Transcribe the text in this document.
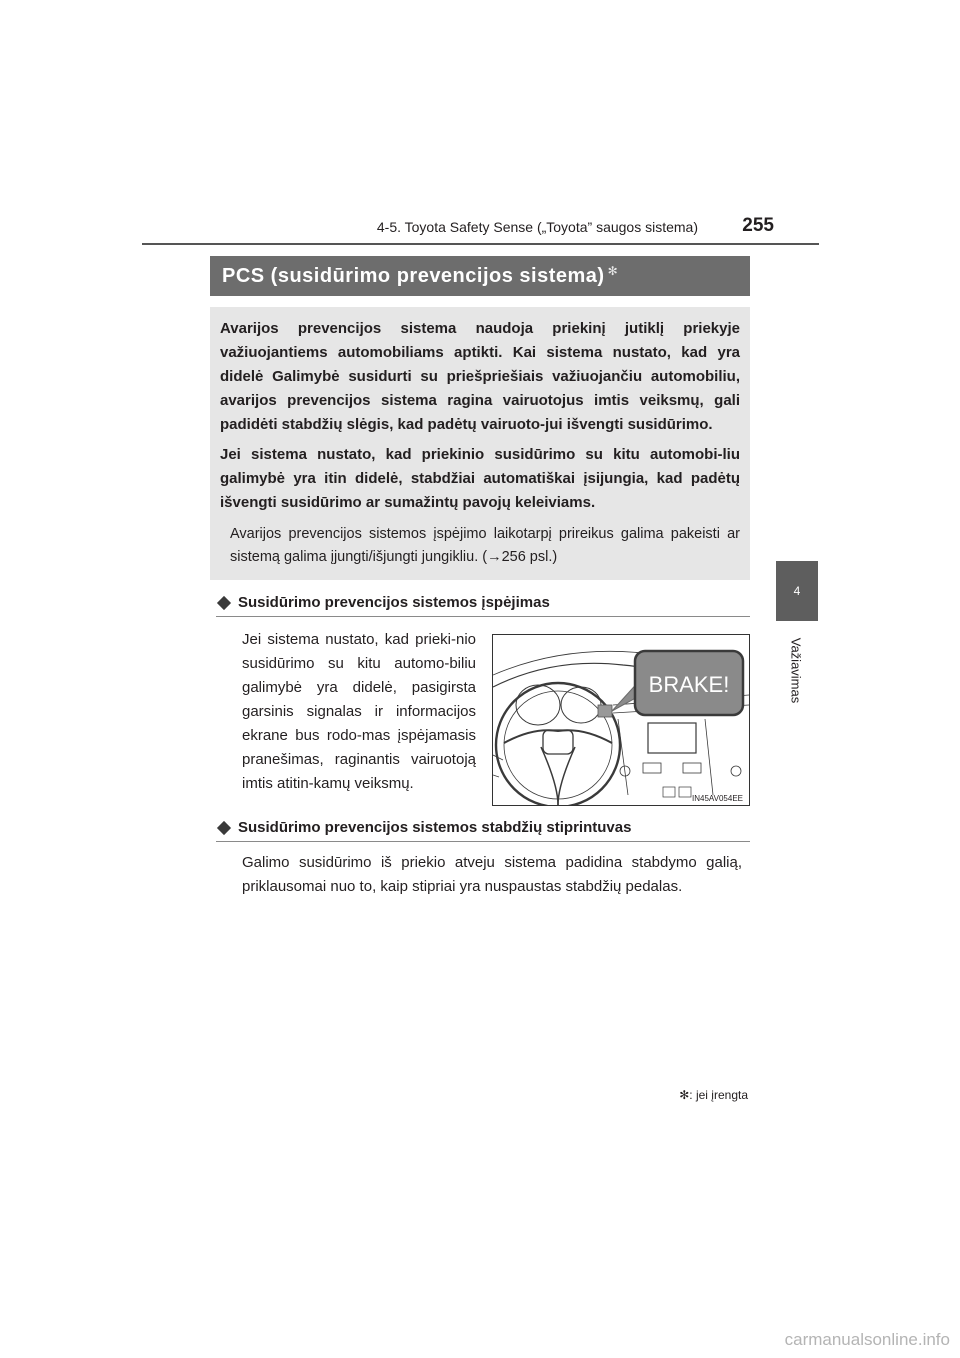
4-5. Toyota Safety Sense („Toyota” saugos sistema) 255
4
Važiavimas
PCS (susidūrimo prevencijos sistema) ✻

Avarijos prevencijos sistema naudoja priekinį jutiklį priekyje važiuojantiems automobiliams aptikti. Kai sistema nustato, kad yra didelė Galimybė susidurti su priešpriešiais važiuojančiu automobiliu, avarijos prevencijos sistema ragina vairuotojus imtis veiksmų, gali padidėti stabdžių slėgis, kad padėtų vairuoto-jui išvengti susidūrimo.

Jei sistema nustato, kad priekinio susidūrimo su kitu automobi-liu galimybė yra itin didelė, stabdžiai automatiškai įsijungia, kad padėtų išvengti susidūrimo ar sumažintų pavojų keleiviams.

Avarijos prevencijos sistemos įspėjimo laikotarpį prireikus galima pakeisti ar sistemą galima įjungti/išjungti jungikliu. (→256 psl.)

Susidūrimo prevencijos sistemos įspėjimas

Jei sistema nustato, kad prieki-nio susidūrimo su kitu automo-biliu galimybė yra didelė, pasigirsta garsinis signalas ir informacijos ekrane bus rodo-mas įspėjamasis pranešimas, raginantis vairuotoją imtis atitin-kamų veiksmų.

BRAKE!
IN45AV054EE
Susidūrimo prevencijos sistemos stabdžių stiprintuvas

Galimo susidūrimo iš priekio atveju sistema padidina stabdymo galią, priklausomai nuo to, kaip stipriai yra nuspaustas stabdžių pedalas.

✻: jei įrengta
carmanualsonline.info
